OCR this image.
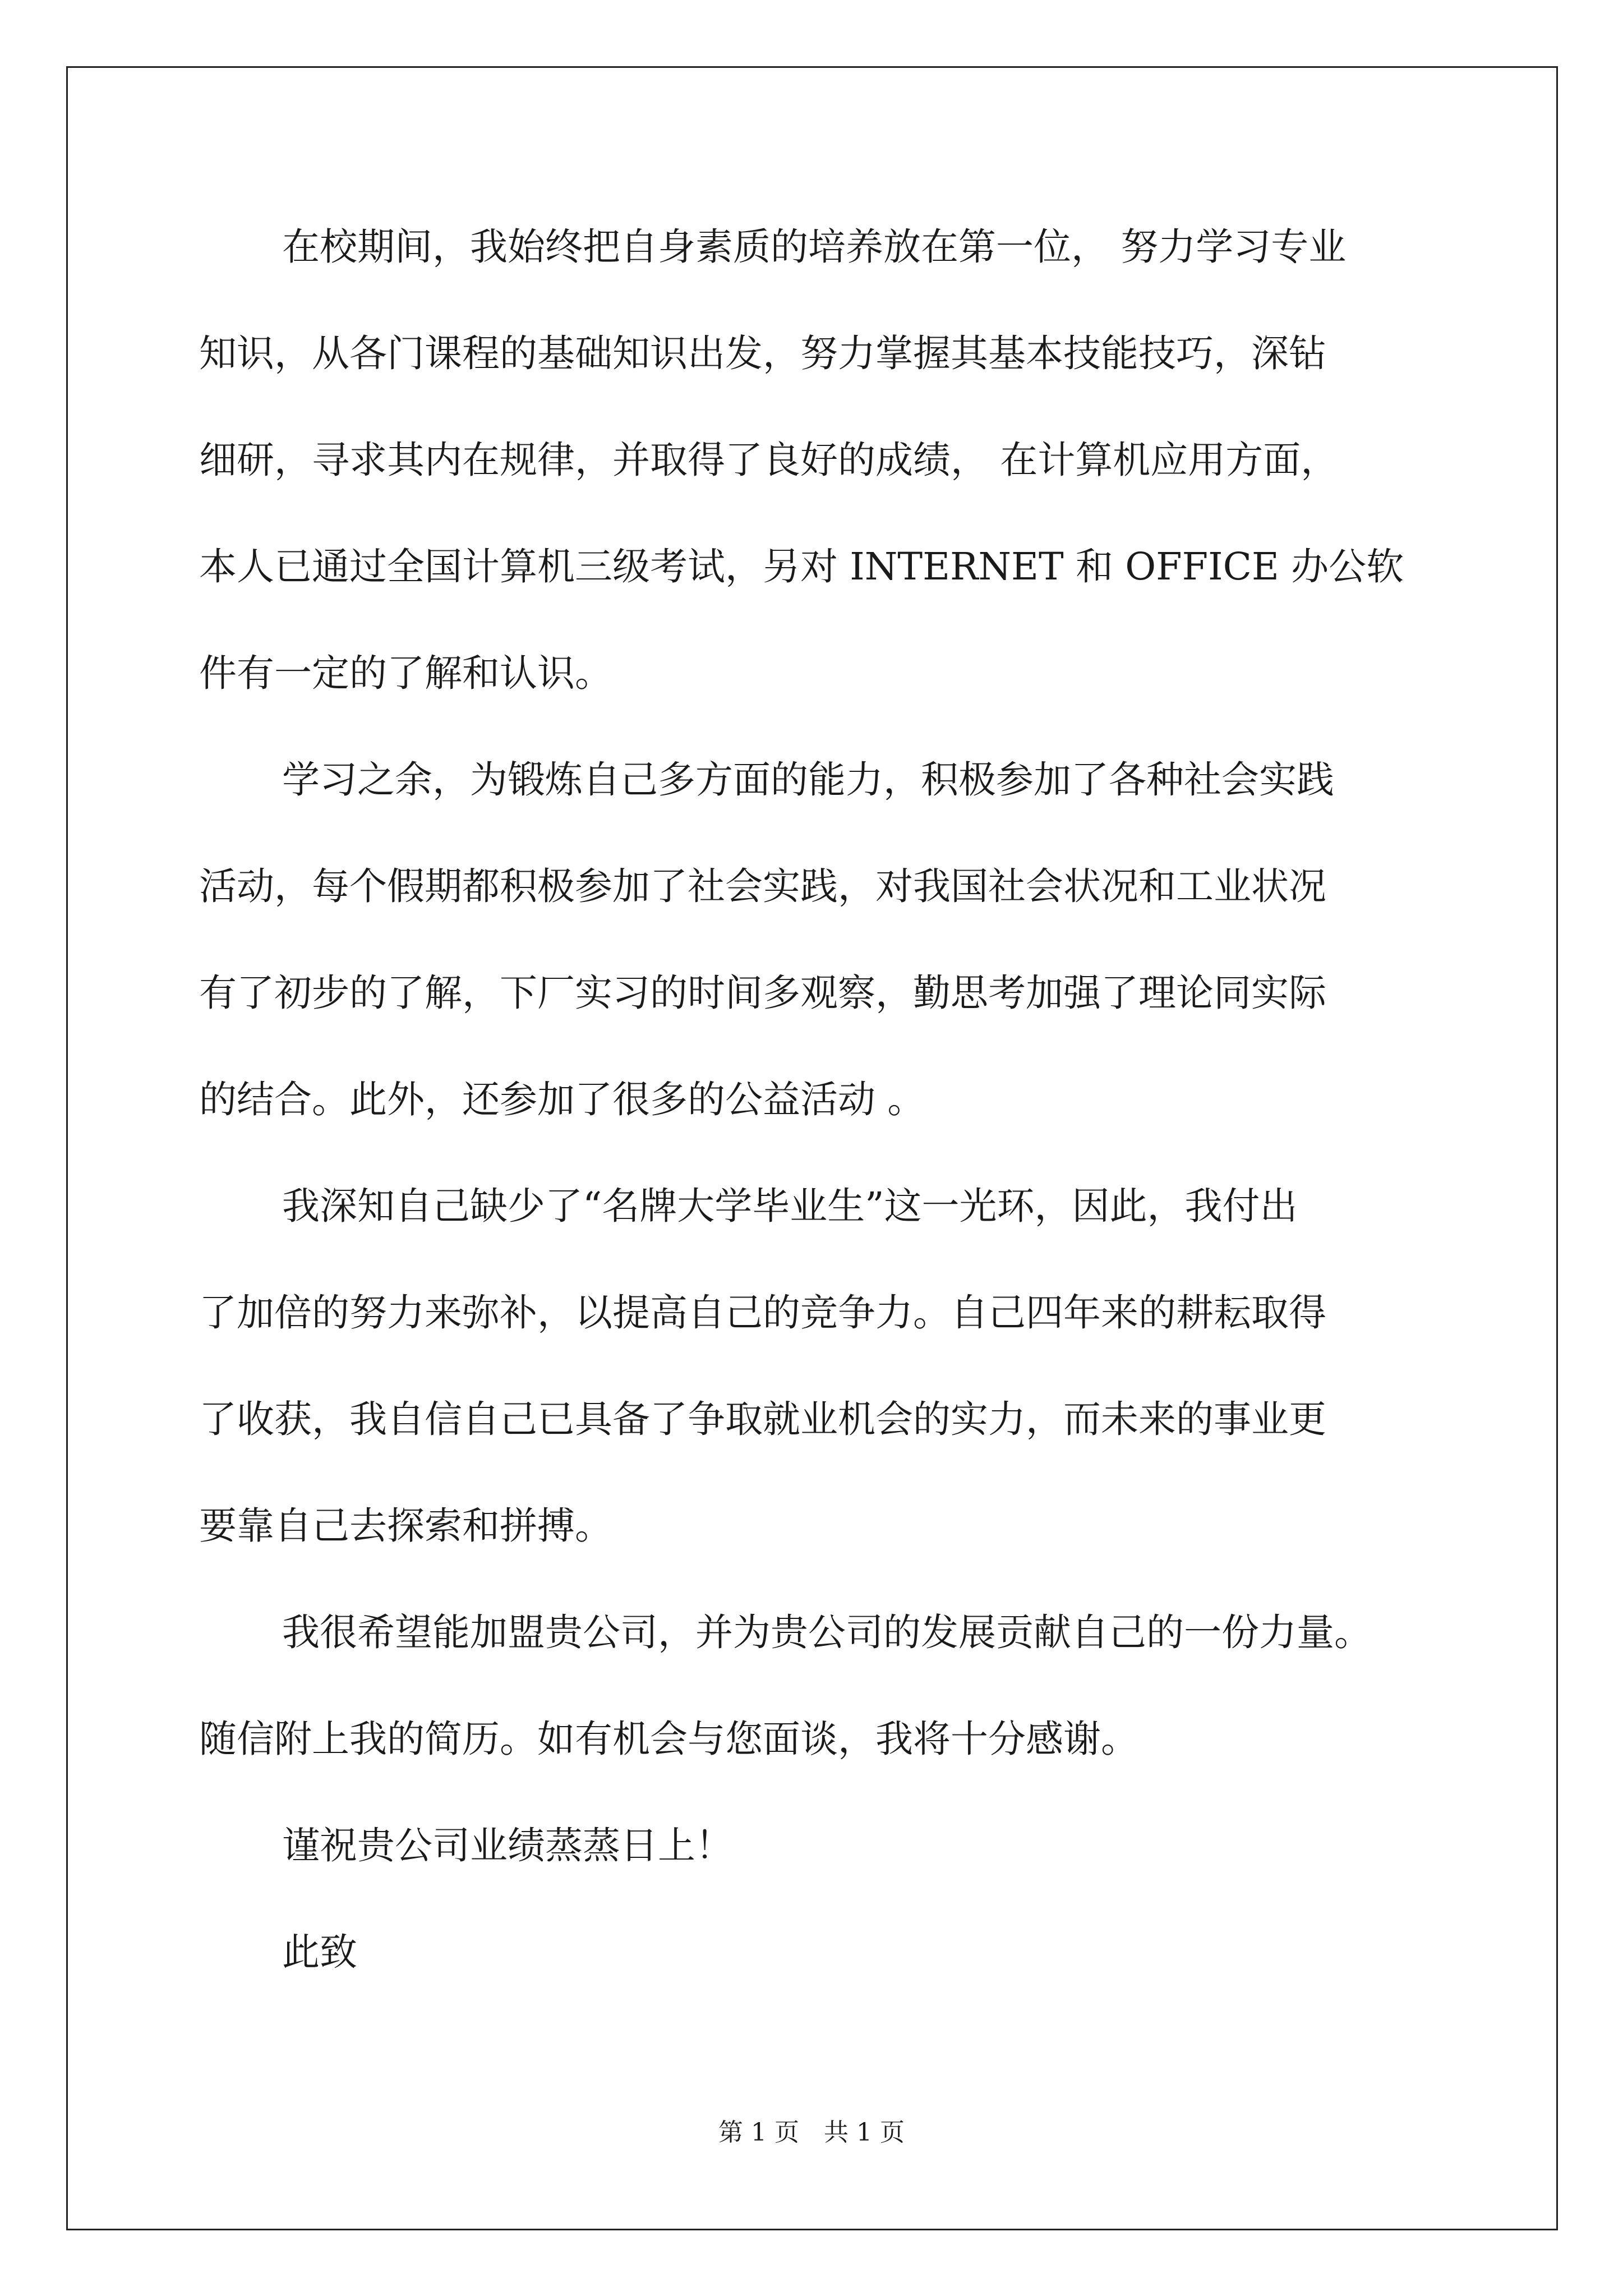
在校期间，我始终把自身素质的培养放在第一位， 努力学习专业
知识，从各门课程的基础知识出发，努力掌握其基本技能技巧，深钻
细研，寻求其内在规律，并取得了良好的成绩， 在计算机应用方面，
本人已通过全国计算机三级考试，另对 INTERNET 和 OFFICE 办公软
件有一定的了解和认识。
学习之余，为锻炼自己多方面的能力，积极参加了各种社会实践
活动，每个假期都积极参加了社会实践，对我国社会状况和工业状况
有了初步的了解，下厂实习的时间多观察，勤思考加强了理论同实际
的结合。此外，还参加了很多的公益活动 。
我深知自己缺少了“名牌大学毕业生”这一光环，因此，我付出
了加倍的努力来弥补，以提高自己的竞争力。自己四年来的耕耘取得
了收获，我自信自己已具备了争取就业机会的实力，而未来的事业更
要靠自己去探索和拼搏。
我很希望能加盟贵公司，并为贵公司的发展贡献自己的一份力量。
随信附上我的简历。如有机会与您面谈，我将十分感谢。
谨祝贵公司业绩蒸蒸日上！
此致
第 1 页　共 1 页
